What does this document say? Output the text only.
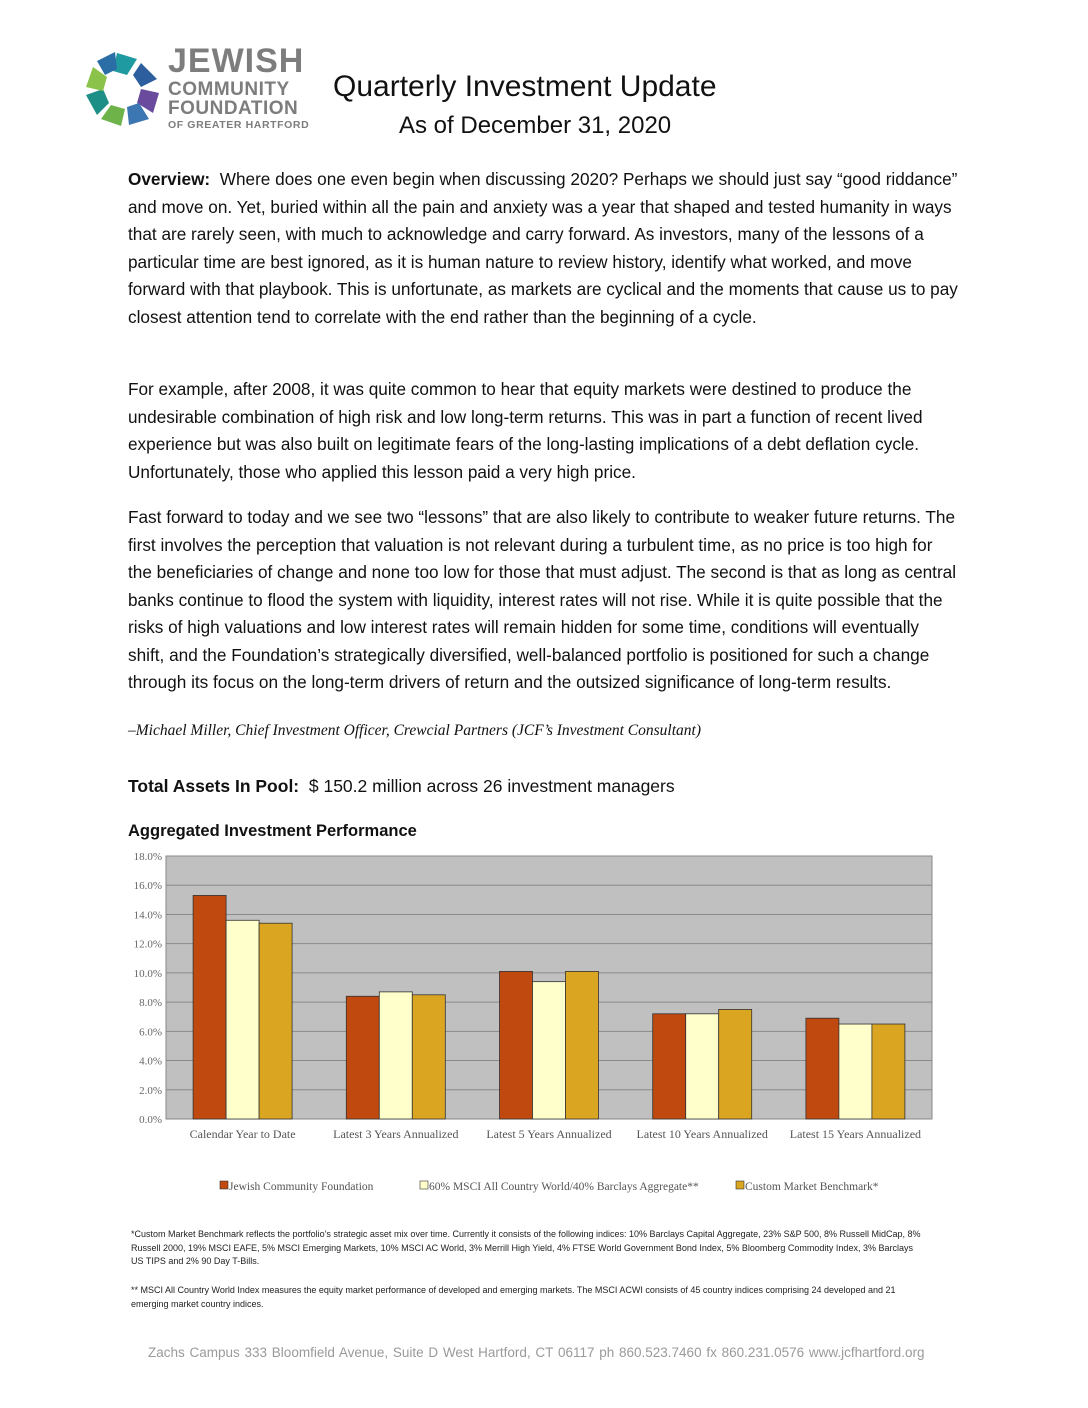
JEWISH
COMMUNITY
FOUNDATION
OF GREATER HARTFORD
Quarterly Investment Update
As of December 31, 2020
Overview: Where does one even begin when discussing 2020? Perhaps we should just say “good riddance” and move on. Yet, buried within all the pain and anxiety was a year that shaped and tested humanity in ways that are rarely seen, with much to acknowledge and carry forward. As investors, many of the lessons of a particular time are best ignored, as it is human nature to review history, identify what worked, and move forward with that playbook. This is unfortunate, as markets are cyclical and the moments that cause us to pay closest attention tend to correlate with the end rather than the beginning of a cycle.
For example, after 2008, it was quite common to hear that equity markets were destined to produce the undesirable combination of high risk and low long-term returns. This was in part a function of recent lived experience but was also built on legitimate fears of the long-lasting implications of a debt deflation cycle. Unfortunately, those who applied this lesson paid a very high price.
Fast forward to today and we see two “lessons” that are also likely to contribute to weaker future returns. The first involves the perception that valuation is not relevant during a turbulent time, as no price is too high for the beneficiaries of change and none too low for those that must adjust. The second is that as long as central banks continue to flood the system with liquidity, interest rates will not rise. While it is quite possible that the risks of high valuations and low interest rates will remain hidden for some time, conditions will eventually shift, and the Foundation’s strategically diversified, well-balanced portfolio is positioned for such a change through its focus on the long-term drivers of return and the outsized significance of long-term results.
–Michael Miller, Chief Investment Officer, Crewcial Partners (JCF’s Investment Consultant)
Total Assets In Pool: $ 150.2 million across 26 investment managers
Aggregated Investment Performance
0.0%
2.0%
4.0%
6.0%
8.0%
10.0%
12.0%
14.0%
16.0%
18.0%
Calendar Year to Date	Latest 3 Years Annualized Latest 5 Years Annualized Latest 10 Years Annualized Latest 15 Years Annualized
Jewish Community Foundation	60% MSCI All Country World/40% Barclays Aggregate**	Custom Market Benchmark*
*Custom Market Benchmark reflects the portfolio’s strategic asset mix over time. Currently it consists of the following indices: 10% Barclays Capital Aggregate, 23% S&P 500, 8% Russell MidCap, 8% Russell 2000, 19% MSCI EAFE, 5% MSCI Emerging Markets, 10% MSCI AC World, 3% Merrill High Yield, 4% FTSE World Government Bond Index, 5% Bloomberg Commodity Index, 3% Barclays US TIPS and 2% 90 Day T-Bills.
** MSCI All Country World Index measures the equity market performance of developed and emerging markets. The MSCI ACWI consists of 45 country indices comprising 24 developed and 21 emerging market country indices.
Zachs Campus 333 Bloomfield Avenue, Suite D West Hartford, CT 06117 ph 860.523.7460 fx 860.231.0576 www.jcfhartford.org
